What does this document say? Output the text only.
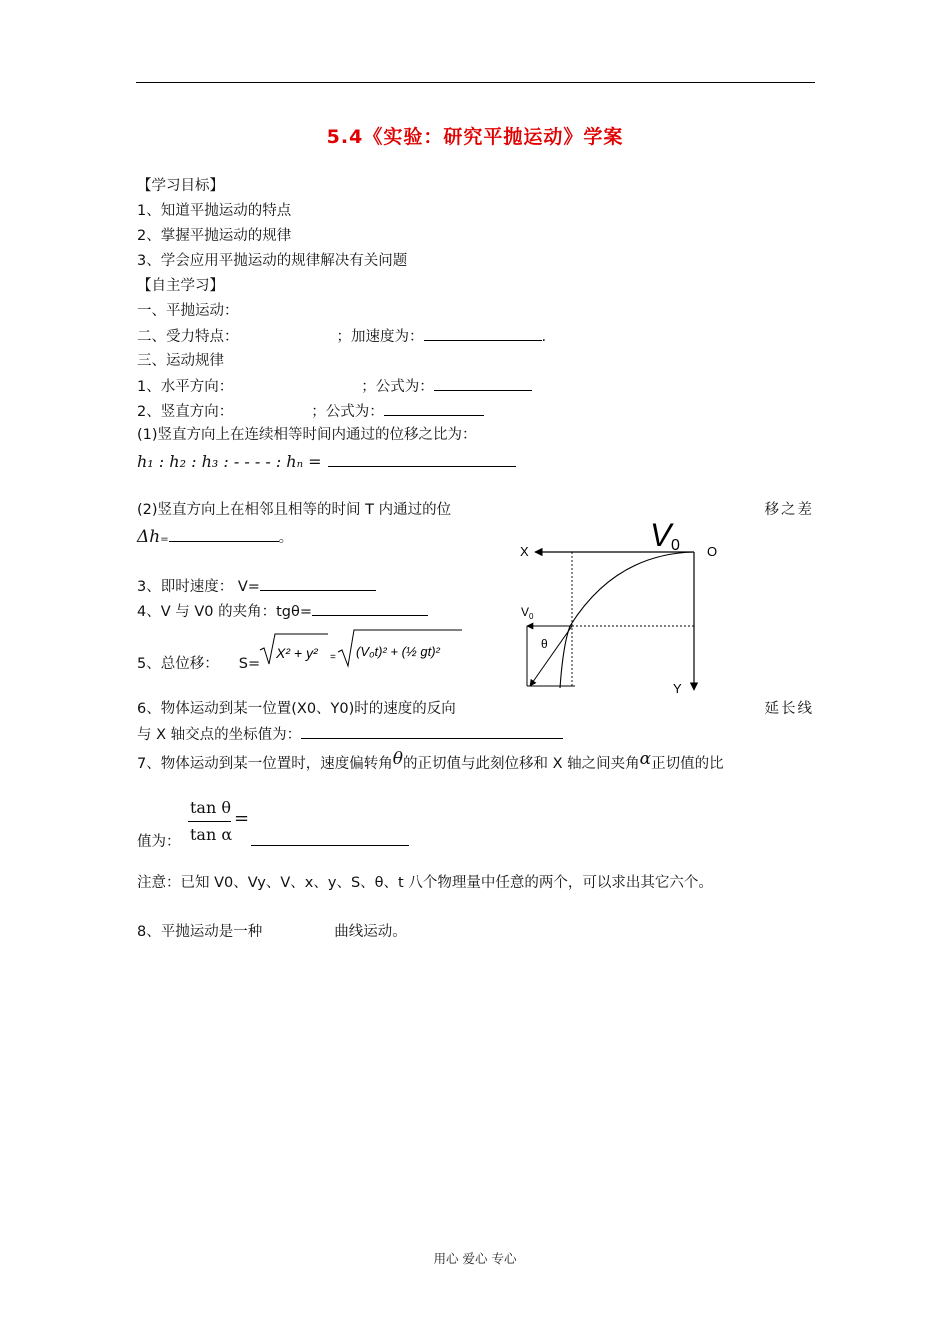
5.4《实验：研究平抛运动》学案
【学习目标】
1、知道平抛运动的特点
2、掌握平抛运动的规律
3、学会应用平抛运动的规律解决有关问题
【自主学习】
一、平抛运动：
二、受力特点：	；加速度为：	.
三、运动规律
1、水平方向：	；公式为：
2、竖直方向：	；公式为：
(1)竖直方向上在连续相等时间内通过的位移之比为：
h₁ : h₂ : h₃ : - - - - : hₙ =
(2)竖直方向上在相邻且相等的时间 T 内通过的位	移之差
Δh=	。
3、即时速度： V=
4、V 与 V0 的夹角：tgθ=
5、总位移： S=
X² + y² = (V₀t)² + (½ gt)²
6、物体运动到某一位置(X0、Y0)时的速度的反向	延长线
与 X 轴交点的坐标值为：
7、物体运动到某一位置时，速度偏转角θ的正切值与此刻位移和 X 轴之间夹角α正切值的比
tan θ
tan α
=
值为：
注意：已知 V0、Vy、V、x、y、S、θ、t 八个物理量中任意的两个，可以求出其它六个。
8、平抛运动是一种	曲线运动。
V 0
X	O
Y
V 0
θ
用心 爱心 专心
